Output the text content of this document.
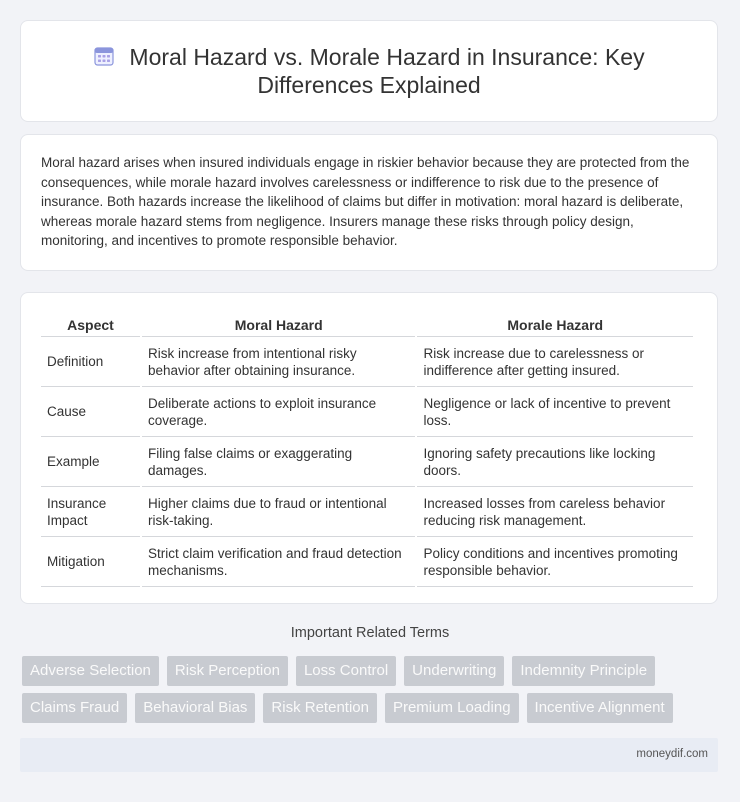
Moral Hazard vs. Morale Hazard in Insurance: Key Differences Explained

Moral hazard arises when insured individuals engage in riskier behavior because they are protected from the consequences, while morale hazard involves carelessness or indifference to risk due to the presence of insurance. Both hazards increase the likelihood of claims but differ in motivation: moral hazard is deliberate, whereas morale hazard stems from negligence. Insurers manage these risks through policy design, monitoring, and incentives to promote responsible behavior.

Aspect	Moral Hazard	Morale Hazard
Definition	Risk increase from intentional risky behavior after obtaining insurance.	Risk increase due to carelessness or indifference after getting insured.
Cause	Deliberate actions to exploit insurance coverage.	Negligence or lack of incentive to prevent loss.
Example	Filing false claims or exaggerating damages.	Ignoring safety precautions like locking doors.
Insurance Impact	Higher claims due to fraud or intentional risk-taking.	Increased losses from careless behavior reducing risk management.
Mitigation	Strict claim verification and fraud detection mechanisms.	Policy conditions and incentives promoting responsible behavior.
Important Related Terms
Adverse Selection	Risk Perception	Loss Control	Underwriting	Indemnity Principle
Claims Fraud	Behavioral Bias	Risk Retention	Premium Loading	Incentive Alignment
moneydif.com
